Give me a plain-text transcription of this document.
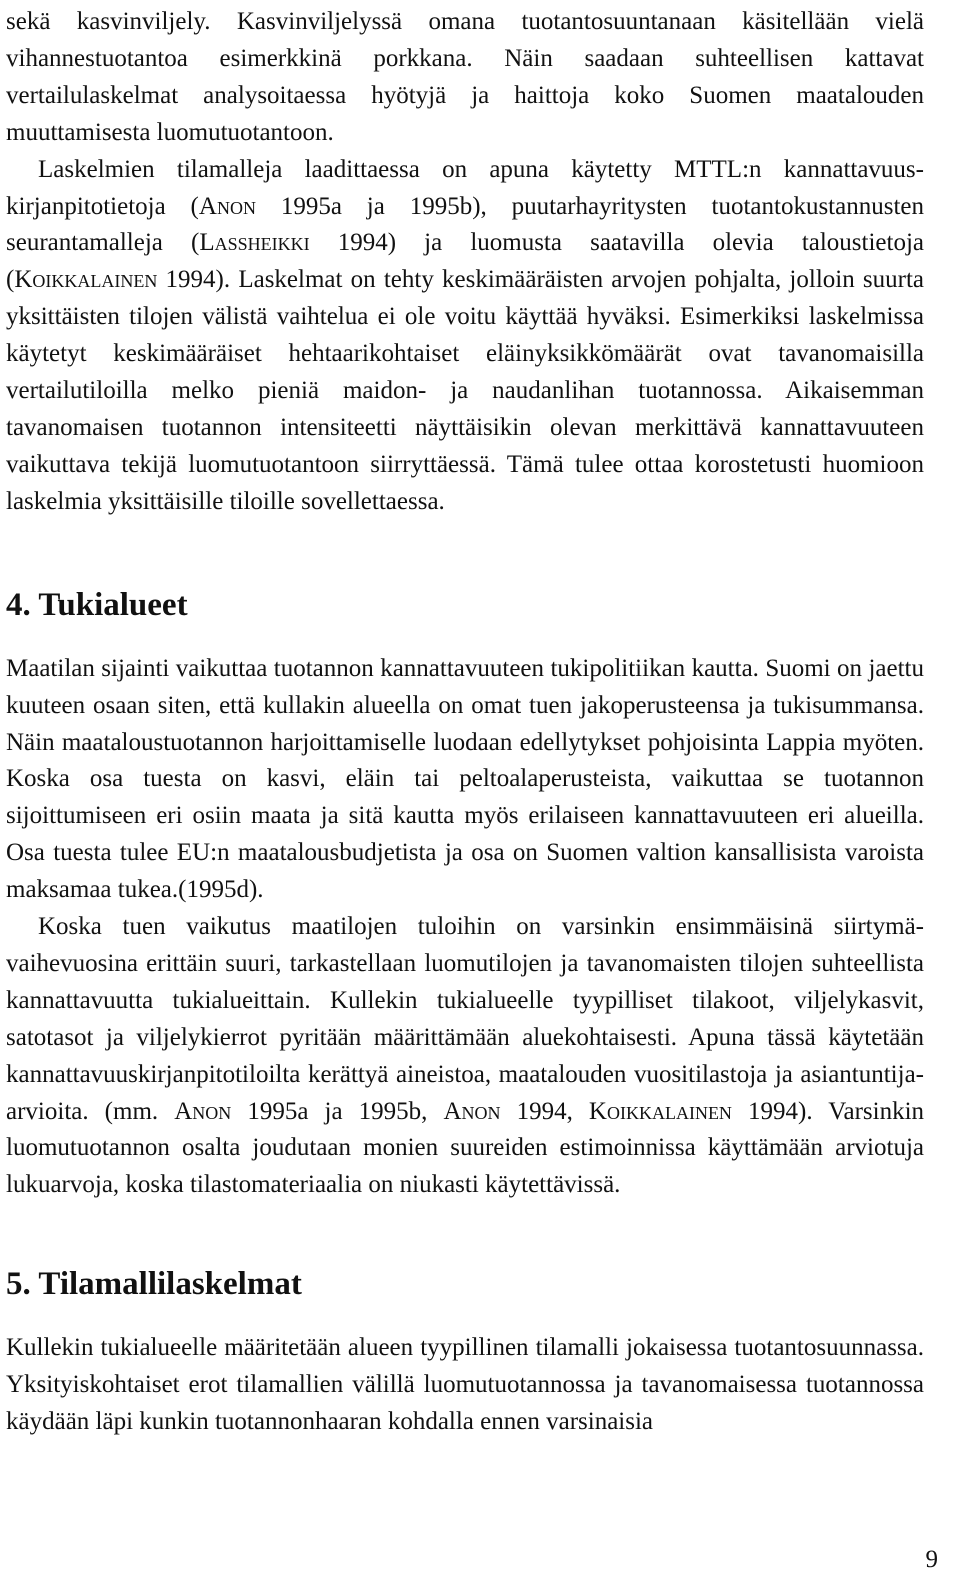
sekä kasvinviljely. Kasvinviljelyssä omana tuotantosuuntanaan käsitellään vielä vihannestuotantoa esimerkkinä porkkana. Näin saadaan suhteellisen kattavat vertailulaskelmat analysoitaessa hyötyjä ja haittoja koko Suomen maatalouden muuttamisesta luomutuotantoon.

Laskelmien tilamalleja laadittaessa on apuna käytetty MTTL:n kannattavuuskirjanpitotietoja (Anon 1995a ja 1995b), puutarhayritysten tuotantokustannusten seurantamalleja (Lassheikki 1994) ja luomusta saatavilla olevia taloustietoja (Koikkalainen 1994). Laskelmat on tehty keskimääräisten arvojen pohjalta, jolloin suurta yksittäisten tilojen välistä vaihtelua ei ole voitu käyttää hyväksi. Esimerkiksi laskelmissa käytetyt keskimääräiset hehtaarikohtaiset eläinyksikkömäärät ovat tavanomaisilla vertailutiloilla melko pieniä maidon- ja naudanlihan tuotannossa. Aikaisemman tavanomaisen tuotannon intensiteetti näyttäisikin olevan merkittävä kannattavuuteen vaikuttava tekijä luomutuotantoon siirryttäessä. Tämä tulee ottaa korostetusti huomioon laskelmia yksittäisille tiloille sovellettaessa.

4. Tukialueet

Maatilan sijainti vaikuttaa tuotannon kannattavuuteen tukipolitiikan kautta. Suomi on jaettu kuuteen osaan siten, että kullakin alueella on omat tuen jakoperusteensa ja tukisummansa. Näin maataloustuotannon harjoittamiselle luodaan edellytykset pohjoisinta Lappia myöten. Koska osa tuesta on kasvi, eläin tai peltoalaperusteista, vaikuttaa se tuotannon sijoittumiseen eri osiin maata ja sitä kautta myös erilaiseen kannattavuuteen eri alueilla. Osa tuesta tulee EU:n maatalousbudjetista ja osa on Suomen valtion kansallisista varoista maksamaa tukea.(1995d).

Koska tuen vaikutus maatilojen tuloihin on varsinkin ensimmäisinä siirtymävaihevuosina erittäin suuri, tarkastellaan luomutilojen ja tavanomaisten tilojen suhteellista kannattavuutta tukialueittain. Kullekin tukialueelle tyypilliset tilakoot, viljelykasvit, satotasot ja viljelykierrot pyritään määrittämään aluekohtaisesti. Apuna tässä käytetään kannattavuuskirjanpitotiloilta kerättyä aineistoa, maatalouden vuositilastoja ja asiantuntija-arvioita. (mm. Anon 1995a ja 1995b, Anon 1994, Koikkalainen 1994). Varsinkin luomutuotannon osalta joudutaan monien suureiden estimoinnissa käyttämään arviotuja lukuarvoja, koska tilastomateriaalia on niukasti käytettävissä.

5. Tilamallilaskelmat

Kullekin tukialueelle määritetään alueen tyypillinen tilamalli jokaisessa tuotantosuunnassa. Yksityiskohtaiset erot tilamallien välillä luomutuotannossa ja tavanomaisessa tuotannossa käydään läpi kunkin tuotannonhaaran kohdalla ennen varsinaisia

9
